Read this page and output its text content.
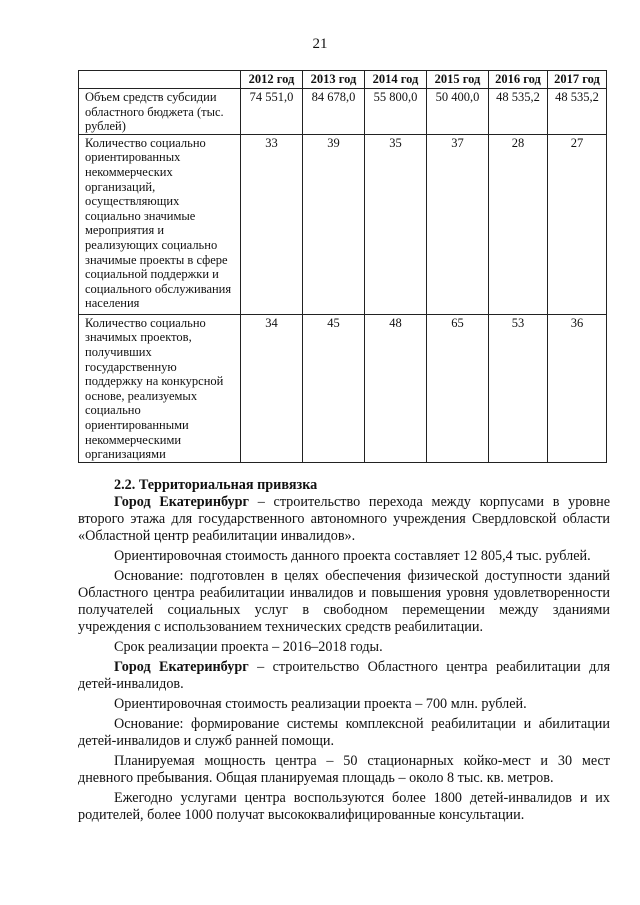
21
	2012 год	2013 год	2014 год	2015 год	2016 год	2017 год
Объем средств субсидии областного бюджета (тыс. рублей)	74 551,0	84 678,0	55 800,0	50 400,0	48 535,2	48 535,2
Количество социально ориентированных некоммерческих организаций, осуществляющих социально значимые мероприятия и реализующих социально значимые проекты в сфере социальной поддержки и социального обслуживания населения	33	39	35	37	28	27
Количество социально значимых проектов, получивших государственную поддержку на конкурсной основе, реализуемых социально ориентированными некоммерческими организациями	34	45	48	65	53	36
2.2. Территориальная привязка

Город Екатеринбург – строительство перехода между корпусами в уровне второго этажа для государственного автономного учреждения Свердловской области «Областной центр реабилитации инвалидов».

Ориентировочная стоимость данного проекта составляет 12 805,4 тыс. рублей.

Основание: подготовлен в целях обеспечения физической доступности зданий Областного центра реабилитации инвалидов и повышения уровня удовлетворенности получателей социальных услуг в свободном перемещении между зданиями учреждения с использованием технических средств реабилитации.

Срок реализации проекта – 2016–2018 годы.

Город Екатеринбург – строительство Областного центра реабилитации для детей-инвалидов.

Ориентировочная стоимость реализации проекта – 700 млн. рублей.

Основание: формирование системы комплексной реабилитации и абилитации детей-инвалидов и служб ранней помощи.

Планируемая мощность центра – 50 стационарных койко-мест и 30 мест дневного пребывания. Общая планируемая площадь – около 8 тыс. кв. метров.

Ежегодно услугами центра воспользуются более 1800 детей-инвалидов и их родителей, более 1000 получат высококвалифицированные консультации.
